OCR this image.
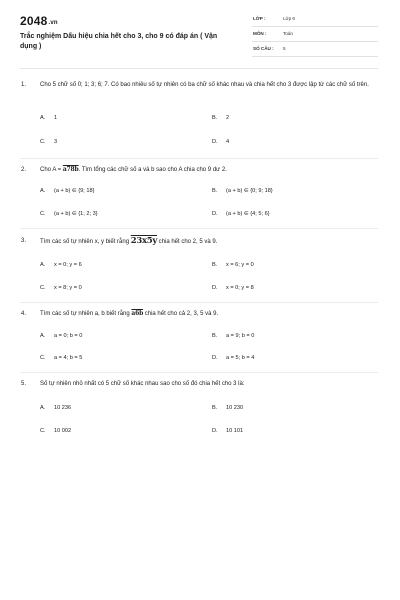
2048.vn
Trắc nghiệm Dấu hiệu chia hết cho 3, cho 9 có đáp án ( Vận dụng )
LỚP :	Lớp 6
MÔN :	Toán
SỐ CÂU : 5
1. Cho 5 chữ số 0; 1; 3; 6; 7. Có bao nhiêu số tự nhiên có ba chữ số khác nhau và chia hết cho 3 được lập từ các chữ số trên.
A. 1	B. 2
C. 3	D. 4
2. Cho A = a78b. Tìm tổng các chữ số a và b sao cho A chia cho 9 dư 2.
A. (a + b) ∈ {9; 18}	B. (a + b) ∈ {0; 9; 18}
C. (a + b) ∈ {1; 2; 3}	D. (a + b) ∈ {4; 5; 6}
3. Tìm các số tự nhiên x, y biết rằng 23x5y chia hết cho 2, 5 và 9.
A. x = 0; y = 6	B. x = 6; y = 0
C. x = 8; y = 0	D. x = 0; y = 8
4. Tìm các số tự nhiên a, b biết rằng a6b chia hết cho cả 2, 3, 5 và 9.
A. a = 0; b = 0	B. a = 9; b = 0
C. a = 4; b = 5	D. a = 5; b = 4
5. Số tự nhiên nhỏ nhất có 5 chữ số khác nhau sao cho số đó chia hết cho 3 là:
A. 10 236	B. 10 230
C. 10 002	D. 10 101
